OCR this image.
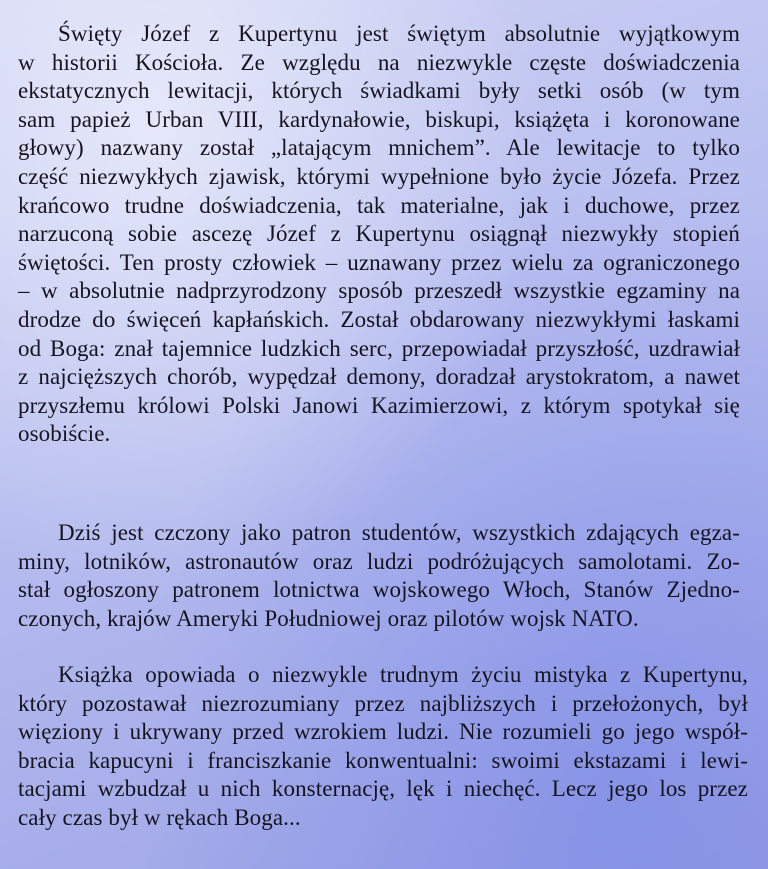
Święty Józef z Kupertynu jest świętym absolutnie wyjątkowym
w historii Kościoła. Ze względu na niezwykle częste doświadczenia
ekstatycznych lewitacji, których świadkami były setki osób (w tym
sam papież Urban VIII, kardynałowie, biskupi, książęta i koronowane
głowy) nazwany został „latającym mnichem”. Ale lewitacje to tylko
część niezwykłych zjawisk, którymi wypełnione było życie Józefa. Przez
krańcowo trudne doświadczenia, tak materialne, jak i duchowe, przez
narzuconą sobie ascezę Józef z Kupertynu osiągnął niezwykły stopień
świętości. Ten prosty człowiek – uznawany przez wielu za ograniczonego
– w absolutnie nadprzyrodzony sposób przeszedł wszystkie egzaminy na
drodze do święceń kapłańskich. Został obdarowany niezwykłymi łaskami
od Boga: znał tajemnice ludzkich serc, przepowiadał przyszłość, uzdrawiał
z najcięższych chorób, wypędzał demony, doradzał arystokratom, a nawet
przyszłemu królowi Polski Janowi Kazimierzowi, z którym spotykał się
osobiście.

Dziś jest czczony jako patron studentów, wszystkich zdających egza-
miny, lotników, astronautów oraz ludzi podróżujących samolotami. Zo-
stał ogłoszony patronem lotnictwa wojskowego Włoch, Stanów Zjedno-
czonych, krajów Ameryki Południowej oraz pilotów wojsk NATO.

Książka opowiada o niezwykle trudnym życiu mistyka z Kupertynu,
który pozostawał niezrozumiany przez najbliższych i przełożonych, był
więziony i ukrywany przed wzrokiem ludzi. Nie rozumieli go jego współ-
bracia kapucyni i franciszkanie konwentualni: swoimi ekstazami i lewi-
tacjami wzbudzał u nich konsternację, lęk i niechęć. Lecz jego los przez
cały czas był w rękach Boga...
